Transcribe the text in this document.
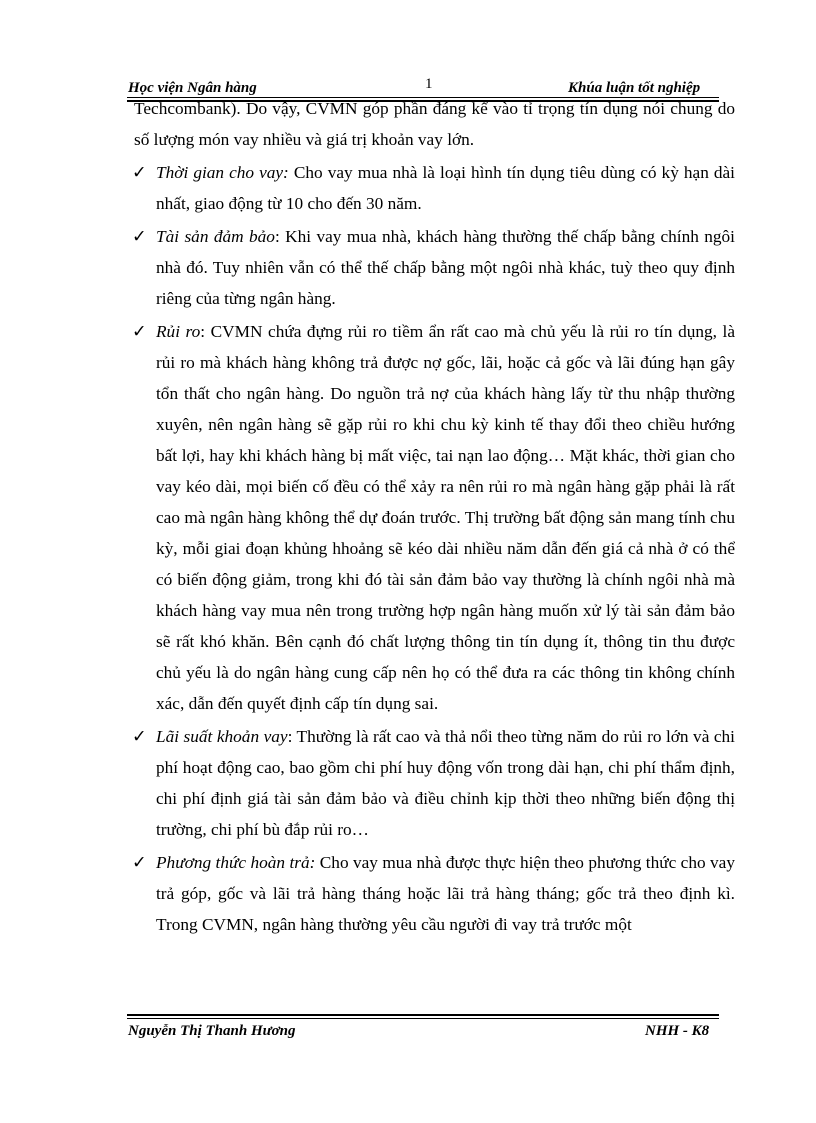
Học viện Ngân hàng	1	Khúa luận tốt nghiệp

Techcombank). Do vậy, CVMN góp phần đáng kể vào tỉ trọng tín dụng nói chung do số lượng món vay nhiều và giá trị khoản vay lớn.

✓ Thời gian cho vay: Cho vay mua nhà là loại hình tín dụng tiêu dùng có kỳ hạn dài nhất, giao động từ 10 cho đến 30 năm.

✓ Tài sản đảm bảo: Khi vay mua nhà, khách hàng thường thế chấp bằng chính ngôi nhà đó. Tuy nhiên vẫn có thể thế chấp bằng một ngôi nhà khác, tuỳ theo quy định riêng của từng ngân hàng.

✓ Rủi ro: CVMN chứa đựng rủi ro tiềm ẩn rất cao mà chủ yếu là rủi ro tín dụng, là rủi ro mà khách hàng không trả được nợ gốc, lãi, hoặc cả gốc và lãi đúng hạn gây tổn thất cho ngân hàng. Do nguồn trả nợ của khách hàng lấy từ thu nhập thường xuyên, nên ngân hàng sẽ gặp rủi ro khi chu kỳ kinh tế thay đổi theo chiều hướng bất lợi, hay khi khách hàng bị mất việc, tai nạn lao động… Mặt khác, thời gian cho vay kéo dài, mọi biến cố đều có thể xảy ra nên rủi ro mà ngân hàng gặp phải là rất cao mà ngân hàng không thể dự đoán trước. Thị trường bất động sản mang tính chu kỳ, mỗi giai đoạn khủng hhoảng sẽ kéo dài nhiều năm dẫn đến giá cả nhà ở có thể có biến động giảm, trong khi đó tài sản đảm bảo vay thường là chính ngôi nhà mà khách hàng vay mua nên trong trường hợp ngân hàng muốn xử lý tài sản đảm bảo sẽ rất khó khăn. Bên cạnh đó chất lượng thông tin tín dụng ít, thông tin thu được chủ yếu là do ngân hàng cung cấp nên họ có thể đưa ra các thông tin không chính xác, dẫn đến quyết định cấp tín dụng sai.

✓ Lãi suất khoản vay: Thường là rất cao và thả nổi theo từng năm do rủi ro lớn và chi phí hoạt động cao, bao gồm chi phí huy động vốn trong dài hạn, chi phí thẩm định, chi phí định giá tài sản đảm bảo và điều chỉnh kịp thời theo những biến động thị trường, chi phí bù đắp rủi ro…

✓ Phương thức hoàn trả: Cho vay mua nhà được thực hiện theo phương thức cho vay trả góp, gốc và lãi trả hàng tháng hoặc lãi trả hàng tháng; gốc trả theo định kì. Trong CVMN, ngân hàng thường yêu cầu người đi vay trả trước một

Nguyễn Thị Thanh Hương	NHH - K8
